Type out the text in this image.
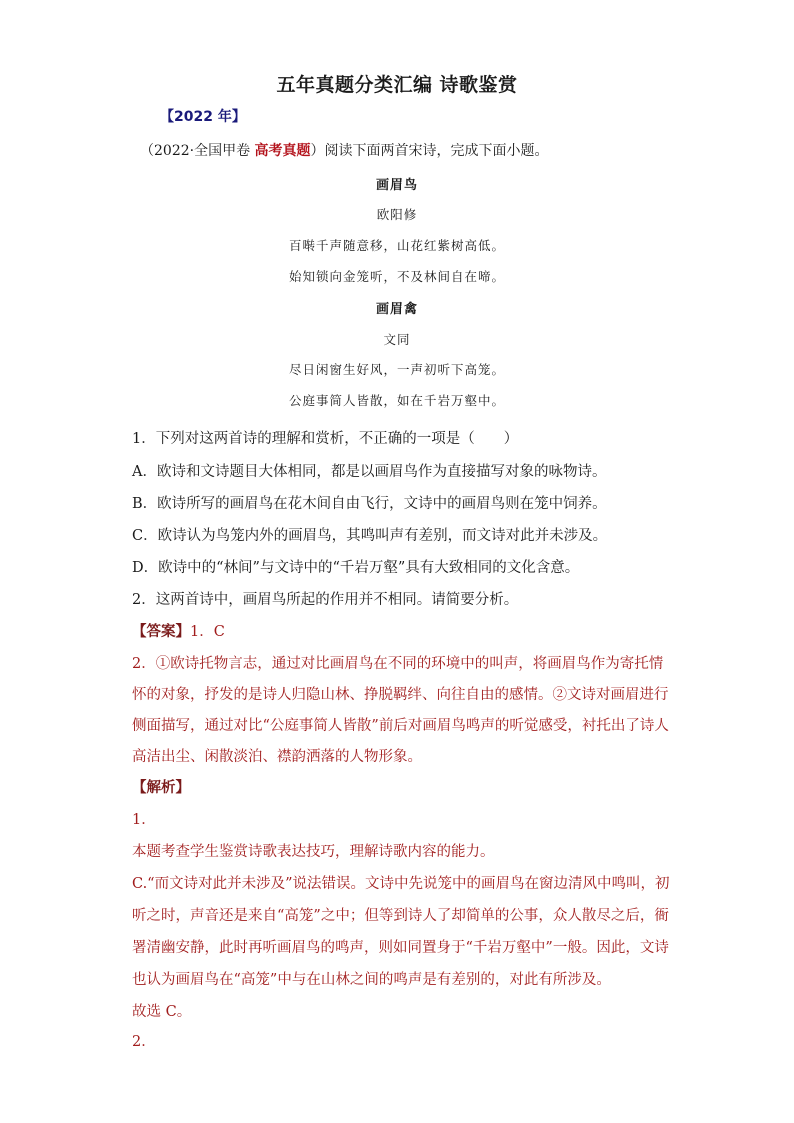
五年真题分类汇编 诗歌鉴赏
【2022 年】
（2022·全国甲卷 高考真题）阅读下面两首宋诗，完成下面小题。
画眉鸟
欧阳修
百啭千声随意移，山花红紫树高低。
始知锁向金笼听，不及林间自在啼。
画眉禽
文同
尽日闲窗生好风，一声初听下高笼。
公庭事简人皆散，如在千岩万壑中。
1．下列对这两首诗的理解和赏析，不正确的一项是（　　）
A．欧诗和文诗题目大体相同，都是以画眉鸟作为直接描写对象的咏物诗。
B．欧诗所写的画眉鸟在花木间自由飞行，文诗中的画眉鸟则在笼中饲养。
C．欧诗认为鸟笼内外的画眉鸟，其鸣叫声有差别，而文诗对此并未涉及。
D．欧诗中的“林间”与文诗中的“千岩万壑”具有大致相同的文化含意。
2．这两首诗中，画眉鸟所起的作用并不相同。请简要分析。
【答案】1．C
2．①欧诗托物言志，通过对比画眉鸟在不同的环境中的叫声，将画眉鸟作为寄托情
怀的对象，抒发的是诗人归隐山林、挣脱羁绊、向往自由的感情。②文诗对画眉进行
侧面描写，通过对比“公庭事简人皆散”前后对画眉鸟鸣声的听觉感受，衬托出了诗人
高洁出尘、闲散淡泊、襟韵洒落的人物形象。
【解析】
1．
本题考查学生鉴赏诗歌表达技巧，理解诗歌内容的能力。
C.“而文诗对此并未涉及”说法错误。文诗中先说笼中的画眉鸟在窗边清风中鸣叫，初
听之时，声音还是来自“高笼”之中；但等到诗人了却简单的公事，众人散尽之后，衙
署清幽安静，此时再听画眉鸟的鸣声，则如同置身于“千岩万壑中”一般。因此，文诗
也认为画眉鸟在“高笼”中与在山林之间的鸣声是有差别的，对此有所涉及。
故选 C。
2．
